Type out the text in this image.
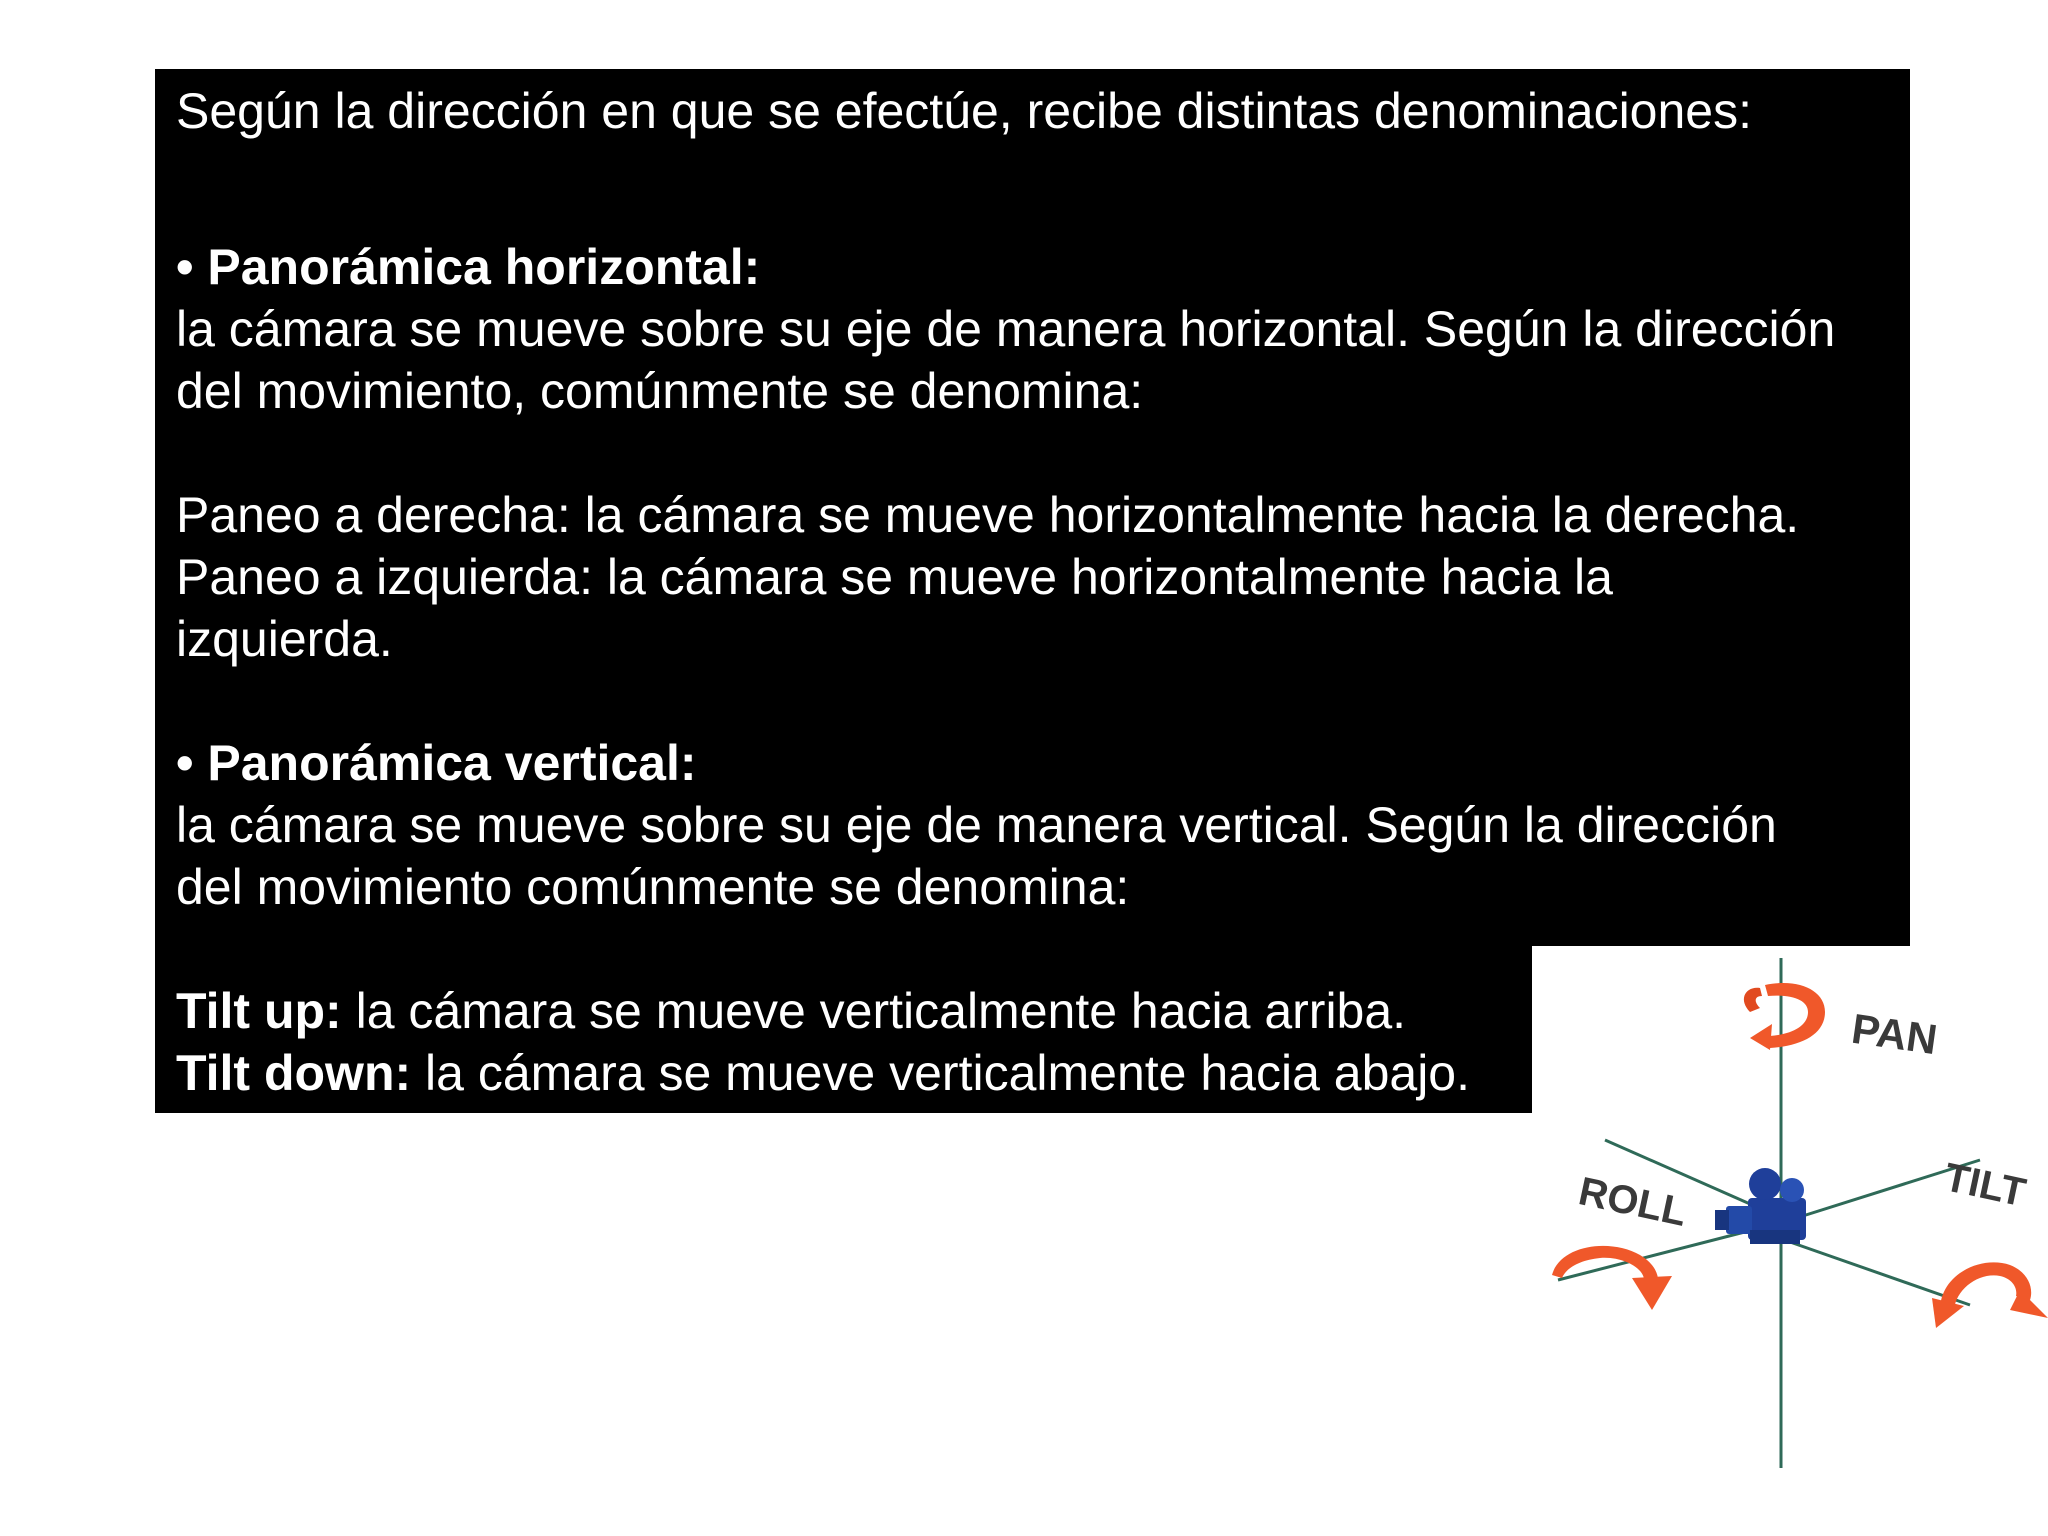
Según la dirección en que se efectúe, recibe distintas denominaciones:

• Panorámica horizontal:

la cámara se mueve sobre su eje de manera horizontal. Según la dirección

del movimiento, comúnmente se denomina:

Paneo a derecha: la cámara se mueve horizontalmente hacia la derecha.

Paneo a izquierda: la cámara se mueve horizontalmente hacia la

izquierda.

• Panorámica vertical:

la cámara se mueve sobre su eje de manera vertical. Según la dirección

del movimiento comúnmente se denomina:

Tilt up: la cámara se mueve verticalmente hacia arriba.

Tilt down: la cámara se mueve verticalmente hacia abajo.

PAN
ROLL	TILT
